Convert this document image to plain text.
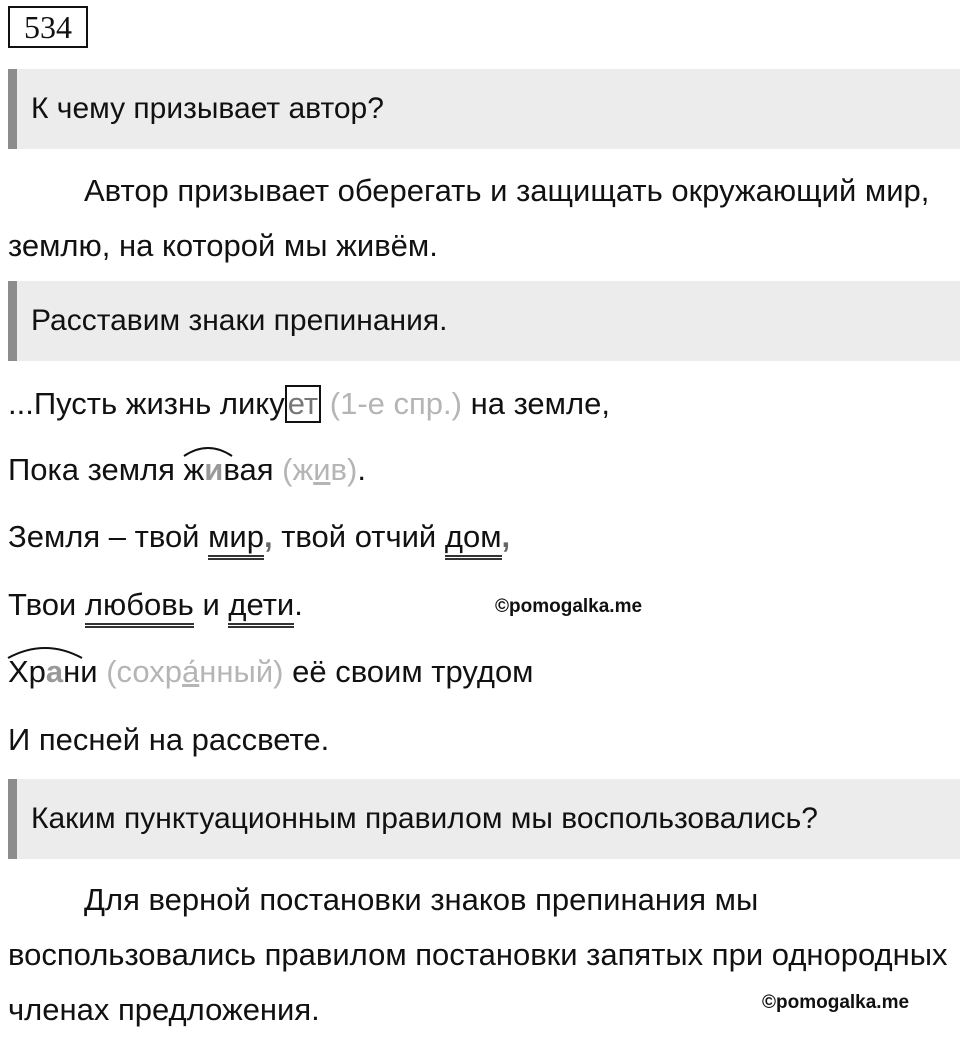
534
К чему призывает автор?

Автор призывает оберегать и защищать окружающий мир, землю, на которой мы живём.

Расставим знаки препинания.
...Пусть жизнь ликует (1-е спр.) на земле,
Пока земля
живая (жив).
Земля – твой мир, твой отчий дом,
Твои любовь и дети.	©pomogalka.me
Храни (сохра́нный) её своим трудом
И песней на рассвете.
Каким пунктуационным правилом мы воспользовались?

Для верной постановки знаков препинания мы воспользовались правилом постановки запятых при однородных членах предложения.	©pomogalka.me
